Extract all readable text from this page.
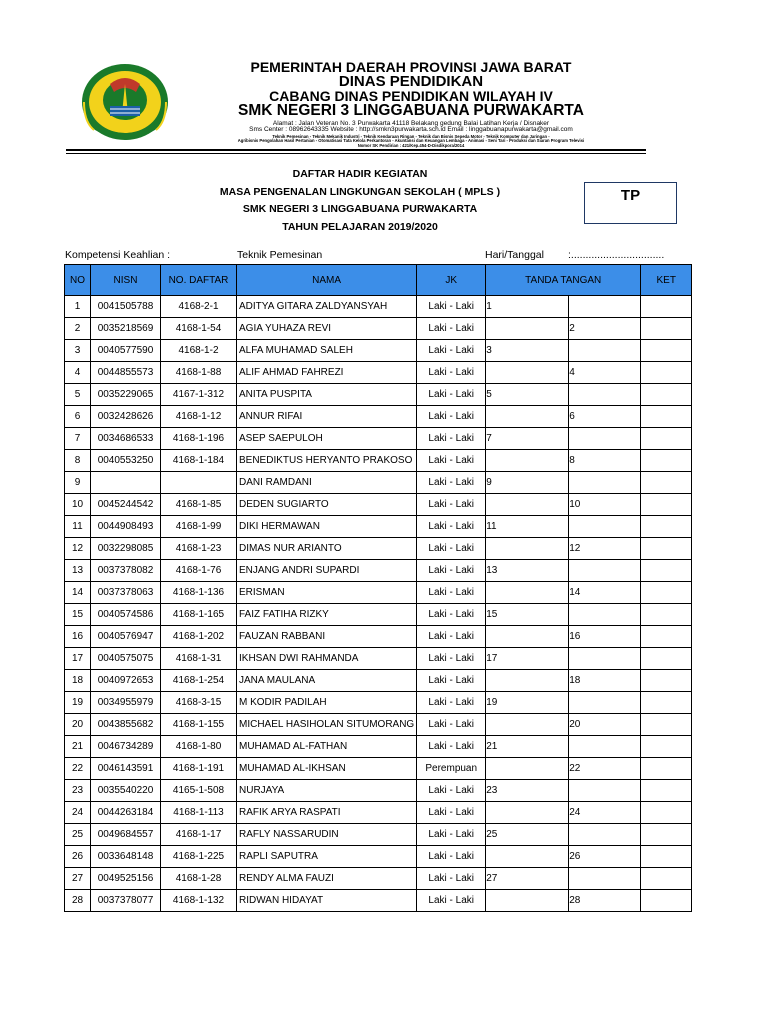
PEMERINTAH DAERAH PROVINSI JAWA BARAT
DINAS PENDIDIKAN
CABANG DINAS PENDIDIKAN WILAYAH IV
SMK NEGERI 3 LINGGABUANA PURWAKARTA
Alamat : Jalan Veteran No. 3 Purwakarta 41118 Belakang gedung Balai Latihan Kerja / Disnaker
Sms Center : 08962643335 Website : http://smkn3purwakarta.sch.id Email : linggabuanapurwakarta@gmail.com
Teknik Pemesinan - Teknik Mekanik Industri - Teknik Kendaraan Ringan - Teknik dan Bisnis Sepeda Motor - Teknik Komputer dan Jaringan -
Agribisnis Pengolahan Hasil Pertanian - Otomatisasi Tata Kelola Perkantoran - Akuntansi dan Keuangan Lembaga - Animasi - Seni Tari - Produksi dan Siaran Program Televisi
Nomor SK Pendirian : 421/Kep.454-D-Disdikpora/2014
DAFTAR HADIR KEGIATAN
MASA PENGENALAN LINGKUNGAN SEKOLAH ( MPLS )
SMK NEGERI 3 LINGGABUANA PURWAKARTA
TAHUN PELAJARAN 2019/2020
TP
Kompetensi Keahlian :	Teknik Pemesinan	Hari/Tanggal :................................
NO	NISN	NO. DAFTAR	NAMA	JK	TANDA TANGAN		KET
1	0041505788	4168-2-1	ADITYA GITARA ZALDYANSYAH	Laki - Laki	1		
2	0035218569	4168-1-54	AGIA YUHAZA REVI	Laki - Laki		2	
3	0040577590	4168-1-2	ALFA MUHAMAD SALEH	Laki - Laki	3		
4	0044855573	4168-1-88	ALIF AHMAD FAHREZI	Laki - Laki		4	
5	0035229065	4167-1-312	ANITA PUSPITA	Laki - Laki	5		
6	0032428626	4168-1-12	ANNUR RIFAI	Laki - Laki		6	
7	0034686533	4168-1-196	ASEP SAEPULOH	Laki - Laki	7		
8	0040553250	4168-1-184	BENEDIKTUS HERYANTO PRAKOSO	Laki - Laki		8	
9			DANI RAMDANI	Laki - Laki	9		
10	0045244542	4168-1-85	DEDEN SUGIARTO	Laki - Laki		10	
11	0044908493	4168-1-99	DIKI HERMAWAN	Laki - Laki	11		
12	0032298085	4168-1-23	DIMAS NUR ARIANTO	Laki - Laki		12	
13	0037378082	4168-1-76	ENJANG ANDRI SUPARDI	Laki - Laki	13		
14	0037378063	4168-1-136	ERISMAN	Laki - Laki		14	
15	0040574586	4168-1-165	FAIZ FATIHA RIZKY	Laki - Laki	15		
16	0040576947	4168-1-202	FAUZAN RABBANI	Laki - Laki		16	
17	0040575075	4168-1-31	IKHSAN DWI RAHMANDA	Laki - Laki	17		
18	0040972653	4168-1-254	JANA MAULANA	Laki - Laki		18	
19	0034955979	4168-3-15	M KODIR PADILAH	Laki - Laki	19		
20	0043855682	4168-1-155	MICHAEL HASIHOLAN SITUMORANG	Laki - Laki		20	
21	0046734289	4168-1-80	MUHAMAD AL-FATHAN	Laki - Laki	21		
22	0046143591	4168-1-191	MUHAMAD AL-IKHSAN	Perempuan		22	
23	0035540220	4165-1-508	NURJAYA	Laki - Laki	23		
24	0044263184	4168-1-113	RAFIK ARYA RASPATI	Laki - Laki		24	
25	0049684557	4168-1-17	RAFLY NASSARUDIN	Laki - Laki	25		
26	0033648148	4168-1-225	RAPLI SAPUTRA	Laki - Laki		26	
27	0049525156	4168-1-28	RENDY ALMA FAUZI	Laki - Laki	27		
28	0037378077	4168-1-132	RIDWAN HIDAYAT	Laki - Laki		28	
